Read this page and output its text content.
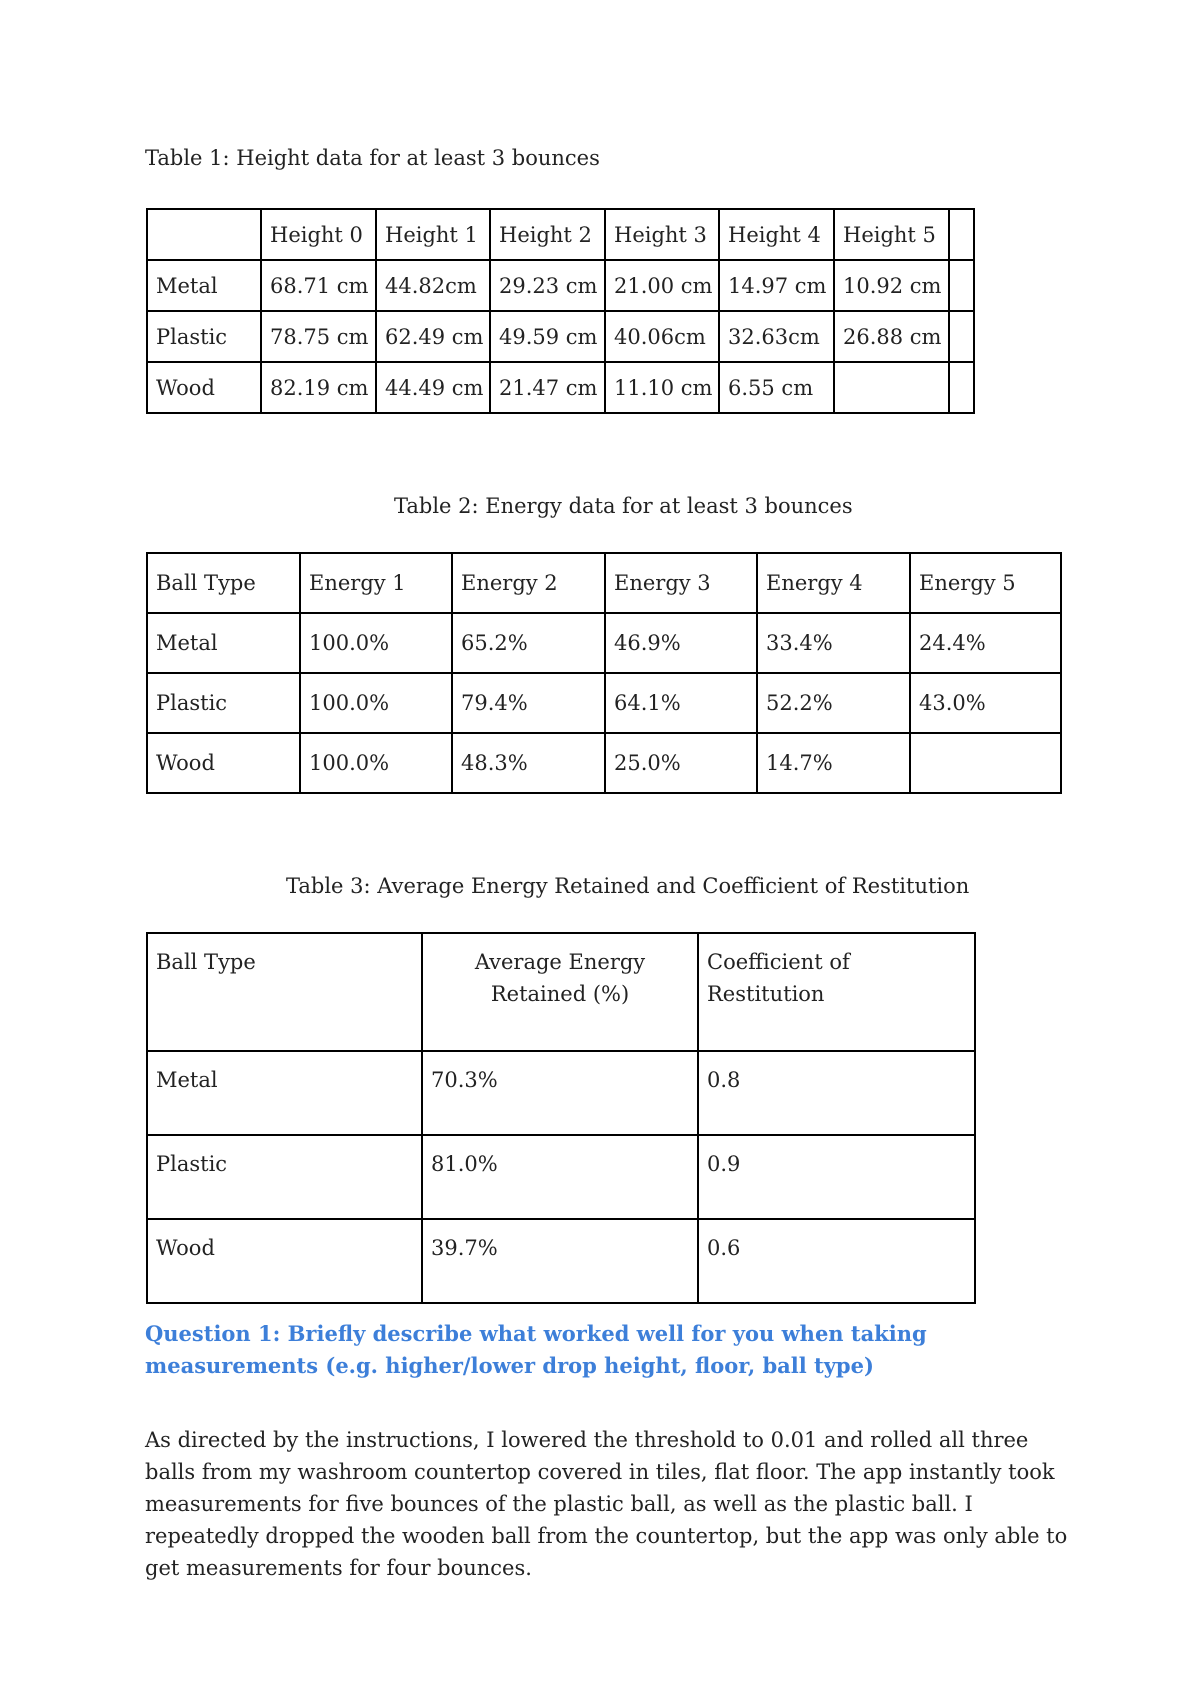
Table 1: Height data for at least 3 bounces
	Height 0	Height 1	Height 2	Height 3	Height 4	Height 5	
Metal	68.71 cm	44.82cm	29.23 cm	21.00 cm	14.97 cm	10.92 cm	
Plastic	78.75 cm	62.49 cm	49.59 cm	40.06cm	32.63cm	26.88 cm	
Wood	82.19 cm	44.49 cm	21.47 cm	11.10 cm	6.55 cm		
Table 2: Energy data for at least 3 bounces
Ball Type	Energy 1	Energy 2	Energy 3	Energy 4	Energy 5
Metal	100.0%	65.2%	46.9%	33.4%	24.4%
Plastic	100.0%	79.4%	64.1%	52.2%	43.0%
Wood	100.0%	48.3%	25.0%	14.7%	
Table 3: Average Energy Retained and Coefficient of Restitution
Ball Type	Average Energy Retained (%)	Coefficient of Restitution
Metal	70.3%	0.8
Plastic	81.0%	0.9
Wood	39.7%	0.6
Question 1: Briefly describe what worked well for you when taking measurements (e.g. higher/lower drop height, floor, ball type)
As directed by the instructions, I lowered the threshold to 0.01 and rolled all three balls from my washroom countertop covered in tiles, flat floor. The app instantly took measurements for five bounces of the plastic ball, as well as the plastic ball. I repeatedly dropped the wooden ball from the countertop, but the app was only able to get measurements for four bounces.
